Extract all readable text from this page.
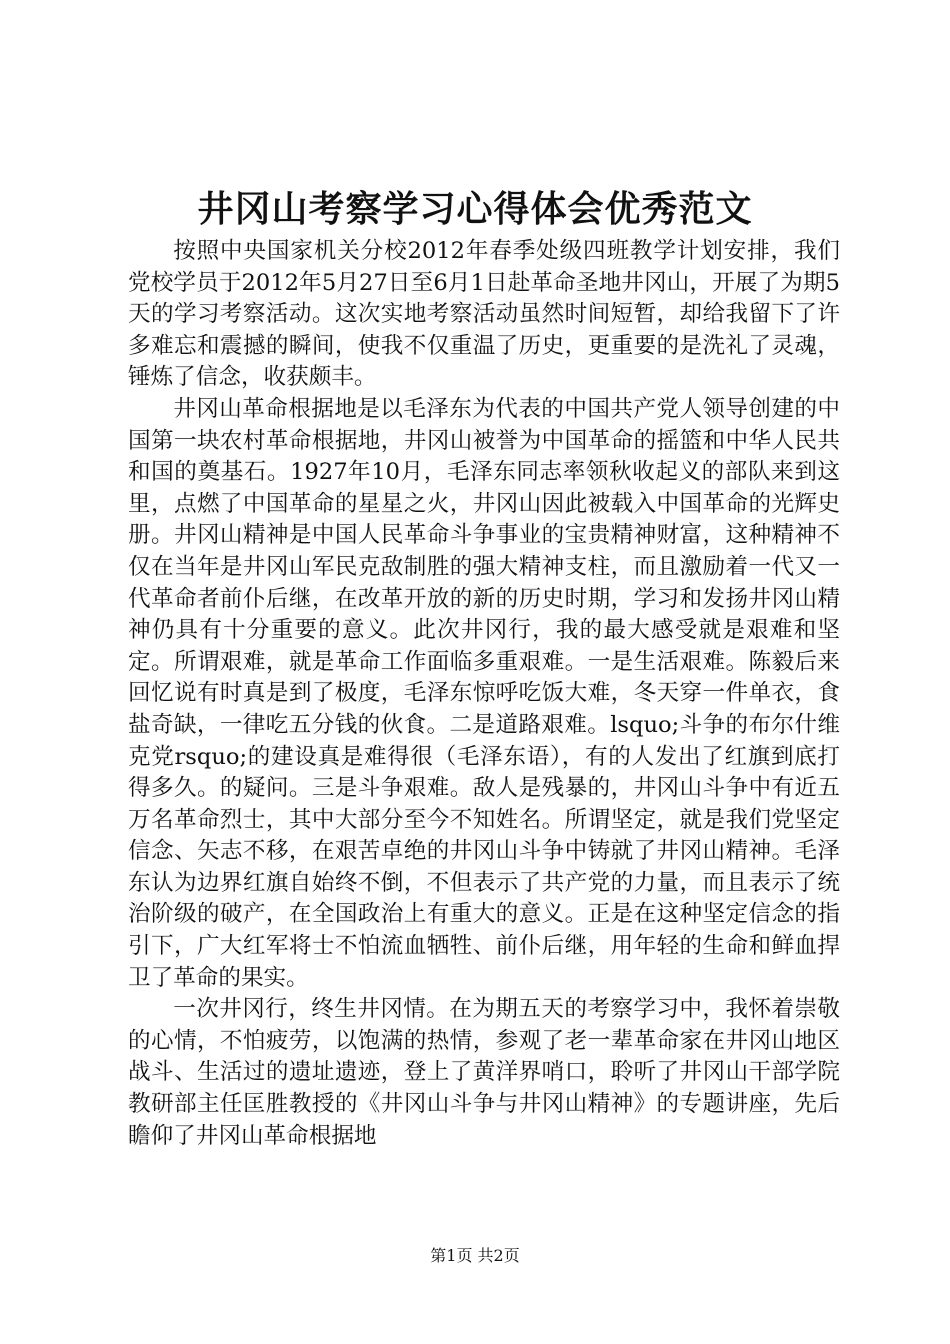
井冈山考察学习心得体会优秀范文

按照中央国家机关分校2012年春季处级四班教学计划安排，我们党校学员于2012年5月27日至6月1日赴革命圣地井冈山，开展了为期5天的学习考察活动。这次实地考察活动虽然时间短暂，却给我留下了许多难忘和震撼的瞬间，使我不仅重温了历史，更重要的是洗礼了灵魂，锤炼了信念，收获颇丰。

井冈山革命根据地是以毛泽东为代表的中国共产党人领导创建的中国第一块农村革命根据地，井冈山被誉为中国革命的摇篮和中华人民共和国的奠基石。1927年10月，毛泽东同志率领秋收起义的部队来到这里，点燃了中国革命的星星之火，井冈山因此被载入中国革命的光辉史册。井冈山精神是中国人民革命斗争事业的宝贵精神财富，这种精神不仅在当年是井冈山军民克敌制胜的强大精神支柱，而且激励着一代又一代革命者前仆后继，在改革开放的新的历史时期，学习和发扬井冈山精神仍具有十分重要的意义。此次井冈行，我的最大感受就是艰难和坚定。所谓艰难，就是革命工作面临多重艰难。一是生活艰难。陈毅后来回忆说有时真是到了极度，毛泽东惊呼吃饭大难，冬天穿一件单衣，食盐奇缺，一律吃五分钱的伙食。二是道路艰难。lsquo;斗争的布尔什维克党rsquo;的建设真是难得很（毛泽东语），有的人发出了红旗到底打得多久。的疑问。三是斗争艰难。敌人是残暴的，井冈山斗争中有近五万名革命烈士，其中大部分至今不知姓名。所谓坚定，就是我们党坚定信念、矢志不移，在艰苦卓绝的井冈山斗争中铸就了井冈山精神。毛泽东认为边界红旗自始终不倒，不但表示了共产党的力量，而且表示了统治阶级的破产，在全国政治上有重大的意义。正是在这种坚定信念的指引下，广大红军将士不怕流血牺牲、前仆后继，用年轻的生命和鲜血捍卫了革命的果实。

一次井冈行，终生井冈情。在为期五天的考察学习中，我怀着崇敬的心情，不怕疲劳，以饱满的热情，参观了老一辈革命家在井冈山地区战斗、生活过的遗址遗迹，登上了黄洋界哨口，聆听了井冈山干部学院教研部主任匡胜教授的《井冈山斗争与井冈山精神》的专题讲座，先后瞻仰了井冈山革命根据地

第1页 共2页
